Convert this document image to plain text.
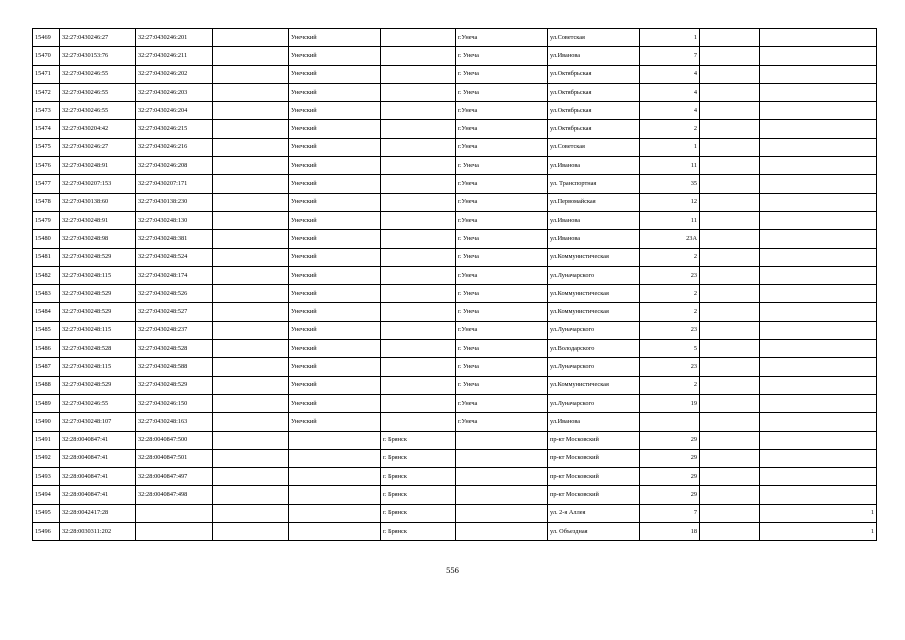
15469	32:27:0430246:27	32:27:0430246:201		Унечский		г.Унеча	ул.Советская	1		
15470	32:27:0430153:76	32:27:0430246:211		Унечский		г. Унеча	ул.Иванова	7		
15471	32:27:0430246:55	32:27:0430246:202		Унечский		г. Унеча	ул.Октябрьская	4		
15472	32:27:0430246:55	32:27:0430246:203		Унечский		г. Унеча	ул.Октябрьская	4		
15473	32:27:0430246:55	32:27:0430246:204		Унечский		г.Унеча	ул.Октябрьская	4		
15474	32:27:0430204:42	32:27:0430246:215		Унечский		г.Унеча	ул.Октябрьская	2		
15475	32:27:0430246:27	32:27:0430246:216		Унечский		г.Унеча	ул.Советская	1		
15476	32:27:0430248:91	32:27:0430246:208		Унечский		г. Унеча	ул.Иванова	11		
15477	32:27:0430207:153	32:27:0430207:171		Унечский		г.Унеча	ул. Транспортная	35		
15478	32:27:0430138:60	32:27:0430138:230		Унечский		г.Унеча	ул.Первомайская	12		
15479	32:27:0430248:91	32:27:0430248:130		Унечский		г.Унеча	ул.Иванова	11		
15480	32:27:0430248:98	32:27:0430248:381		Унечский		г. Унеча	ул.Иванова	23А		
15481	32:27:0430248:529	32:27:0430248:524		Унечский		г. Унеча	ул.Коммунистическая	2		
15482	32:27:0430248:115	32:27:0430248:174		Унечский		г.Унеча	ул.Луначарского	23		
15483	32:27:0430248:529	32:27:0430248:526		Унечский		г. Унеча	ул.Коммунистическая	2		
15484	32:27:0430248:529	32:27:0430248:527		Унечский		г. Унеча	ул.Коммунистическая	2		
15485	32:27:0430248:115	32:27:0430248:237		Унечский		г.Унеча	ул.Луначарского	23		
15486	32:27:0430248:528	32:27:0430248:528		Унечский		г. Унеча	ул.Володарского	5		
15487	32:27:0430248:115	32:27:0430248:588		Унечский		г. Унеча	ул.Луначарского	23		
15488	32:27:0430248:529	32:27:0430248:529		Унечский		г. Унеча	ул.Коммунистическая	2		
15489	32:27:0430246:55	32:27:0430246:150		Унечский		г.Унеча	ул.Луначарского	19		
15490	32:27:0430248:107	32:27:0430248:163		Унечский		г.Унеча	ул.Иванова			
15491	32:28:0040847:41	32:28:0040847:500			г. Брянск		пр-кт Московский	29		
15492	32:28:0040847:41	32:28:0040847:501			г. Брянск		пр-кт Московский	29		
15493	32:28:0040847:41	32:28:0040847:497			г. Брянск		пр-кт Московский	29		
15494	32:28:0040847:41	32:28:0040847:498			г. Брянск		пр-кт Московский	29		
15495	32:28:0042417:28				г. Брянск		ул. 2-я Аллея	7		1
15496	32:28:0030311:202				г. Брянск		ул. Объездная	18		1
556
